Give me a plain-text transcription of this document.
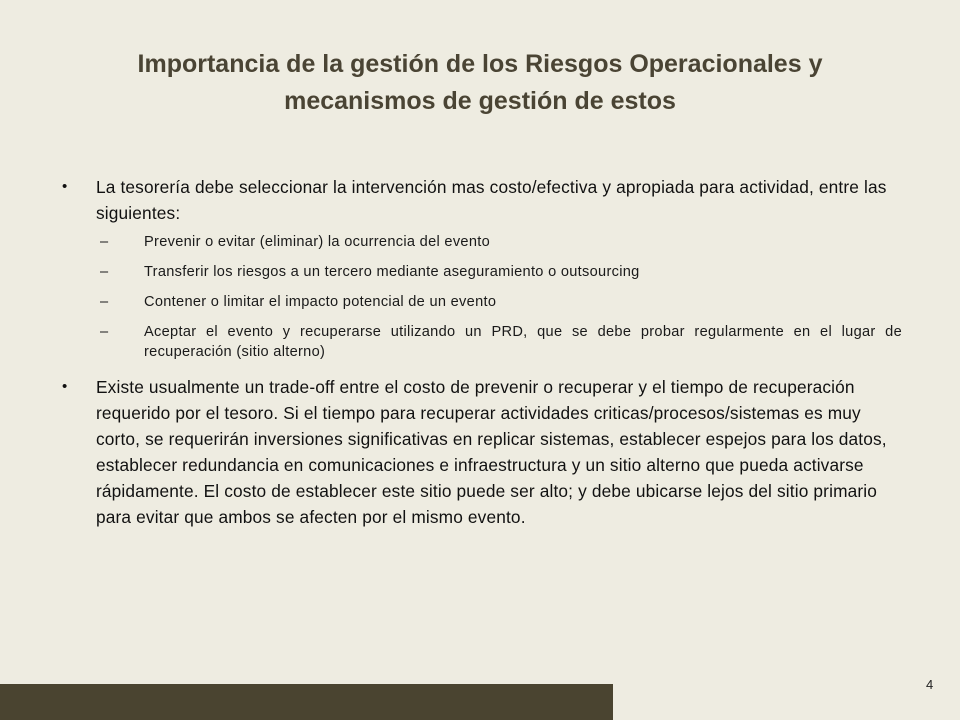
Importancia de la gestión de los Riesgos Operacionales y
mecanismos de gestión de estos

• La tesorería debe seleccionar la intervención mas costo/efectiva y apropiada para actividad, entre las siguientes:

– Prevenir o evitar (eliminar) la ocurrencia del evento
– Transferir los riesgos a un tercero mediante aseguramiento o outsourcing
– Contener o limitar el impacto potencial de un evento
– Aceptar el evento y recuperarse utilizando un PRD, que se debe probar regularmente en el lugar de recuperación (sitio alterno)

• Existe usualmente un trade-off entre el costo de prevenir o recuperar y el tiempo de recuperación requerido por el tesoro. Si el tiempo para recuperar actividades criticas/procesos/sistemas es muy corto, se requerirán inversiones significativas en replicar sistemas, establecer espejos para los datos, establecer redundancia en comunicaciones e infraestructura y un sitio alterno que pueda activarse rápidamente. El costo de establecer este sitio puede ser alto; y debe ubicarse lejos del sitio primario para evitar que ambos se afecten por el mismo evento.

4
